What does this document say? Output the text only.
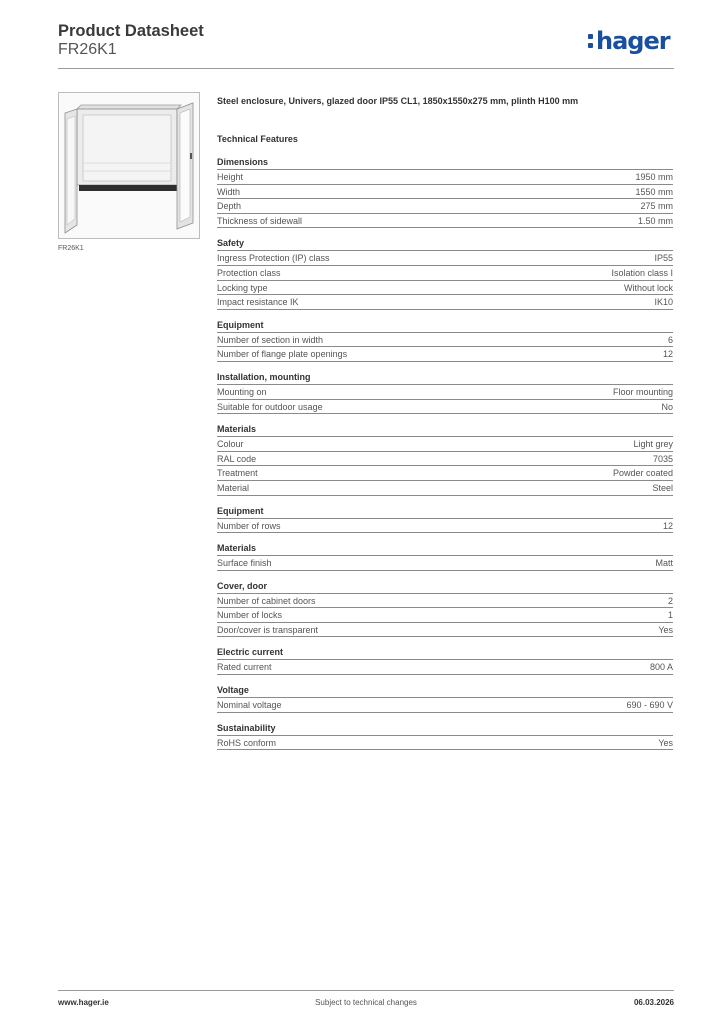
Product Datasheet
FR26K1	hager
FR26K1
Steel enclosure, Univers, glazed door IP55 CL1, 1850x1550x275 mm, plinth H100 mm
Technical Features
Dimensions
Height	1950 mm
Width	1550 mm
Depth	275 mm
Thickness of sidewall	1.50 mm
Safety
Ingress Protection (IP) class	IP55
Protection class	Isolation class I
Locking type	Without lock
Impact resistance IK	IK10
Equipment
Number of section in width	6
Number of flange plate openings	12
Installation, mounting
Mounting on	Floor mounting
Suitable for outdoor usage	No
Materials
Colour	Light grey
RAL code	7035
Treatment	Powder coated
Material	Steel
Equipment
Number of rows	12
Materials
Surface finish	Matt
Cover, door
Number of cabinet doors	2
Number of locks	1
Door/cover is transparent	Yes
Electric current
Rated current	800 A
Voltage
Nominal voltage	690 - 690 V
Sustainability
RoHS conform	Yes
www.hager.ie	Subject to technical changes	06.03.2026
